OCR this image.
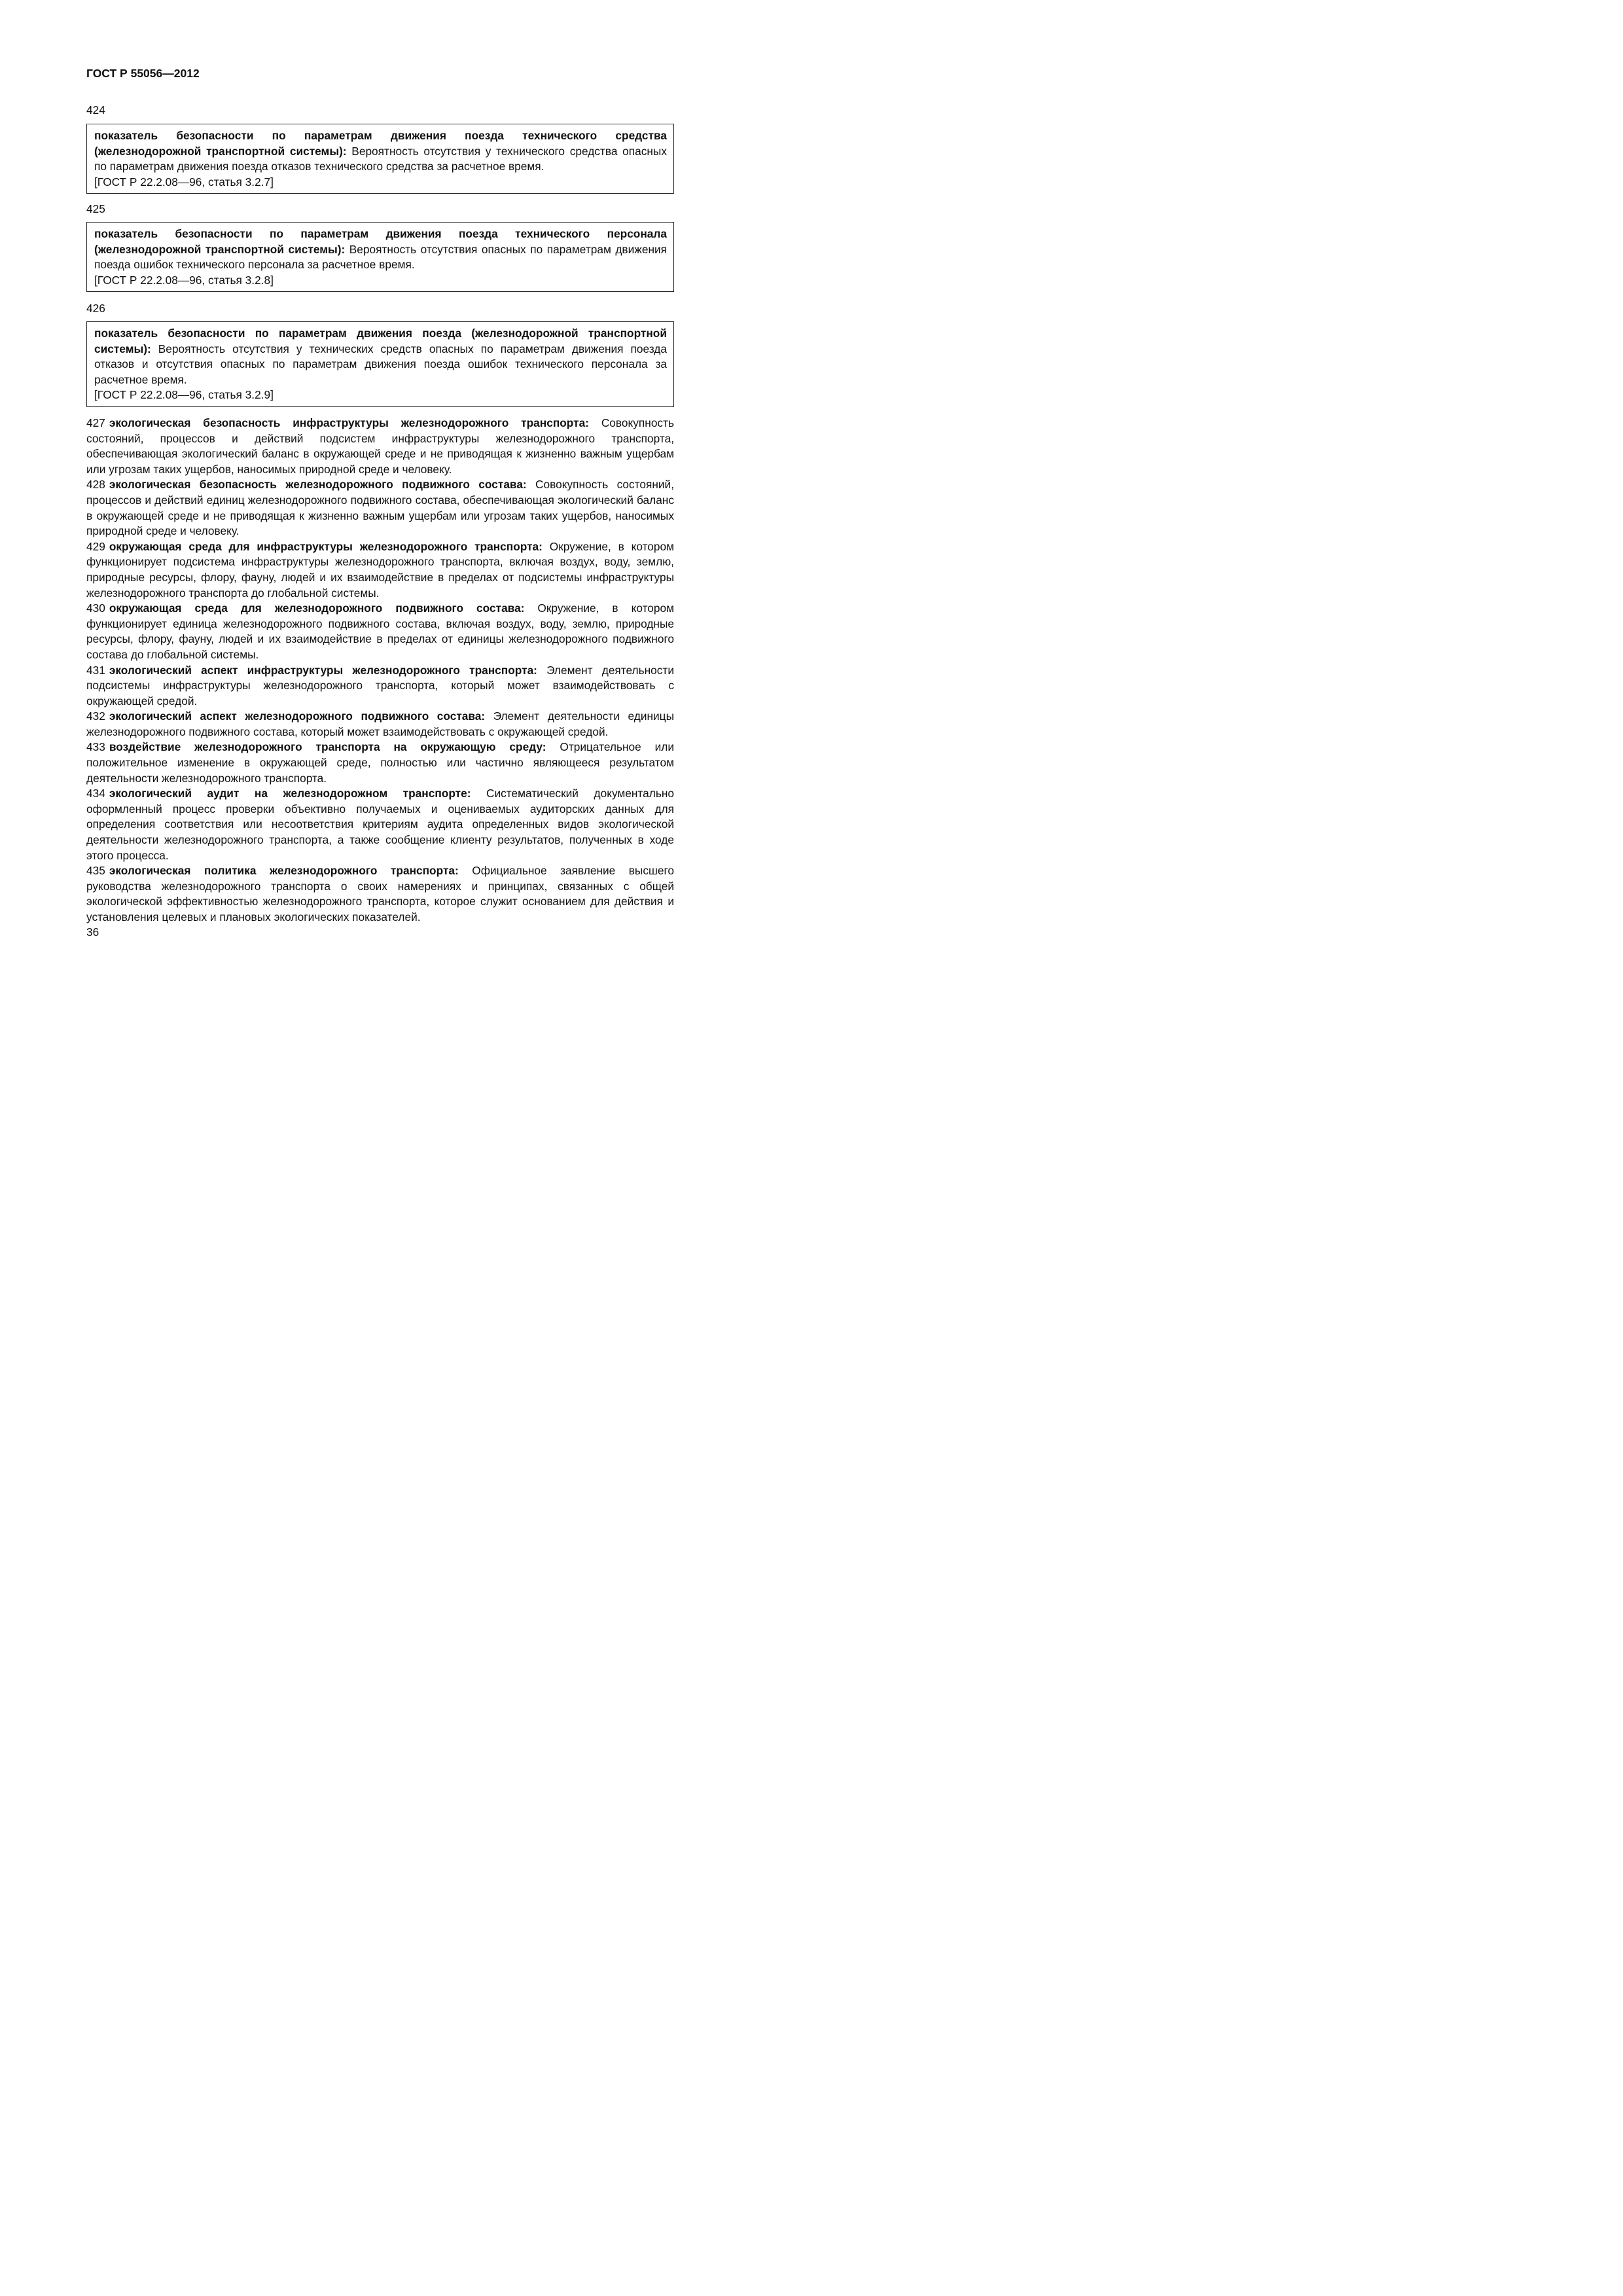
ГОСТ Р 55056—2012
424
показатель безопасности по параметрам движения поезда технического средства (железнодорожной транспортной системы): Вероятность отсутствия у технического средства опасных по параметрам движения поезда отказов технического средства за расчетное время.
[ГОСТ Р 22.2.08—96, статья 3.2.7]
425
показатель безопасности по параметрам движения поезда технического персонала (железнодорожной транспортной системы): Вероятность отсутствия опасных по параметрам движения поезда ошибок технического персонала за расчетное время.
[ГОСТ Р 22.2.08—96, статья 3.2.8]
426
показатель безопасности по параметрам движения поезда (железнодорожной транспортной системы): Вероятность отсутствия у технических средств опасных по параметрам движения поезда отказов и отсутствия опасных по параметрам движения поезда ошибок технического персонала за расчетное время.
[ГОСТ Р 22.2.08—96, статья 3.2.9]

427 экологическая безопасность инфраструктуры железнодорожного транспорта: Совокупность состояний, процессов и действий подсистем инфраструктуры железнодорожного транспорта, обеспечивающая экологический баланс в окружающей среде и не приводящая к жизненно важным ущербам или угрозам таких ущербов, наносимых природной среде и человеку.

428 экологическая безопасность железнодорожного подвижного состава: Совокупность состояний, процессов и действий единиц железнодорожного подвижного состава, обеспечивающая экологический баланс в окружающей среде и не приводящая к жизненно важным ущербам или угрозам таких ущербов, наносимых природной среде и человеку.

429 окружающая среда для инфраструктуры железнодорожного транспорта: Окружение, в котором функционирует подсистема инфраструктуры железнодорожного транспорта, включая воздух, воду, землю, природные ресурсы, флору, фауну, людей и их взаимодействие в пределах от подсистемы инфраструктуры железнодорожного транспорта до глобальной системы.

430 окружающая среда для железнодорожного подвижного состава: Окружение, в котором функционирует единица железнодорожного подвижного состава, включая воздух, воду, землю, природные ресурсы, флору, фауну, людей и их взаимодействие в пределах от единицы железнодорожного подвижного состава до глобальной системы.

431 экологический аспект инфраструктуры железнодорожного транспорта: Элемент деятельности подсистемы инфраструктуры железнодорожного транспорта, который может взаимодействовать с окружающей средой.

432 экологический аспект железнодорожного подвижного состава: Элемент деятельности единицы железнодорожного подвижного состава, который может взаимодействовать с окружающей средой.

433 воздействие железнодорожного транспорта на окружающую среду: Отрицательное или положительное изменение в окружающей среде, полностью или частично являющееся результатом деятельности железнодорожного транспорта.

434 экологический аудит на железнодорожном транспорте: Систематический документально оформленный процесс проверки объективно получаемых и оцениваемых аудиторских данных для определения соответствия или несоответствия критериям аудита определенных видов экологической деятельности железнодорожного транспорта, а также сообщение клиенту результатов, полученных в ходе этого процесса.

435 экологическая политика железнодорожного транспорта: Официальное заявление высшего руководства железнодорожного транспорта о своих намерениях и принципах, связанных с общей экологической эффективностью железнодорожного транспорта, которое служит основанием для действия и установления целевых и плановых экологических показателей.

36
